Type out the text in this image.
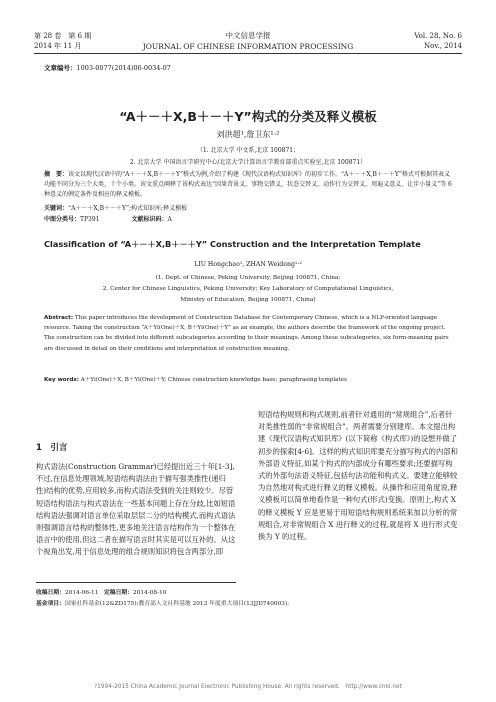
第 28 卷　第 6 期
2014 年 11 月
中文信息学报
JOURNAL OF CHINESE INFORMATION PROCESSING
Vol. 28, No. 6
Nov., 2014
文章编号：1003-0077(2014)06-0034-07
“A＋－＋X,B＋－＋Y”构式的分类及释义模板
刘洪超¹,詹卫东¹·²
（1. 北京大学 中文系,北京 100871；
2. 北京大学 中国语言学研究中心/北京大学计算语言学教育部重点实验室,北京 100871）
摘　要：该文以现代汉语中的“A＋－＋X,B＋－＋Y”格式为例,介绍了构建《现代汉语构式知识库》的初步工作。“A＋－＋X,B＋－＋Y”格式可根据其表义功能不同分为三个大类、十个小类。该文重点阐释了该构式表达“因果背景义、事物交错义、状态交替义、动作行为交替义、周遍义意义、让步小量义”等 6 种意义的例定条件及相应的释义模板。
关键词：“A＋－＋X,B＋－＋Y”;构式知识库;释义模板
中图分类号：TP391	文献标识码：A
Classification of “A＋－＋X,B＋－＋Y” Construction and the Interpretation Template
LIU Hongchao¹, ZHAN Weidong¹·²
(1. Dept. of Chinese, Peking University, Beijing 100871, China;
2. Center for Chinese Linguistics, Peking University; Key Laboratory of Computational Linguistics,
Ministry of Education, Beijing 100871, China)
Abstract: This paper introduces the development of Construction Database for Contemporary Chinese, which is a NLP-oriented language resource. Taking the construction “A＋Yi(One)＋X, B＋Yi(One)＋Y” as an example, the authors describe the framework of the ongoing project. The construction can be divided into different subcategories according to their meanings. Among these subcategories, six form-meaning pairs are discussed in detail on their conditions and interpretation of construction meaning.
Key words: A＋Yi(One)＋X, B＋Yi(One)＋Y; Chinese construction knowledge base; paraphrasing templates
1　引言
构式语法(Construction Grammar)已经提出近三十年[1-3],不过,在信息处理领域,短语结构语法由于描写强类推性(递归性)结构的优势,应用较多,而构式语法受到的关注则较少。尽管短语结构语法与构式语法在一些基本问题上存在分歧,比如短语结构语法强调对语言单位采取层层二分的结构模式,而构式语法则强调语言结构的整体性,更多地关注语言结构作为一个整体在语言中的使用,但这二者在描写语言时其实是可以互补的。从这个视角出发,用于信息处理的组合规则知识将包含两部分,即
短语结构规则和构式规则,前者针对通用的“常规组合”,后者针对类推性弱的“非常规组合”。两者需要分别建库。本文提出构建《现代汉语构式知识库》(以下简称《构式库》)的设想并做了初步的探索[4-6]。这样的构式知识库要充分描写构式的内部和外部语义特征,如某个构式的内部成分有哪些要求;还要描写构式的外部句法语义特征,包括句法功能和构式义。要建立能够较为自然地对构式进行释义的释义模板。从操作和应用角度说,释义模板可以简单地看作是一种句式(形式)变换。原则上,构式 X 的释义模板 Y 应是更易于用短语结构规则系统来加以分析的常规组合,对非常规组合 X 进行释义的过程,就是将 X 进行形式变换为 Y 的过程。
收稿日期：2014-06-11 定稿日期：2014-08-10
基金项目：国家社科基金(12&ZD175);教育部人文社科基地 2013 年度重大项目(13JJD740003)。
?1994-2015 China Academic Journal Electronic Publishing House. All rights reserved.　http://www.cnki.net
